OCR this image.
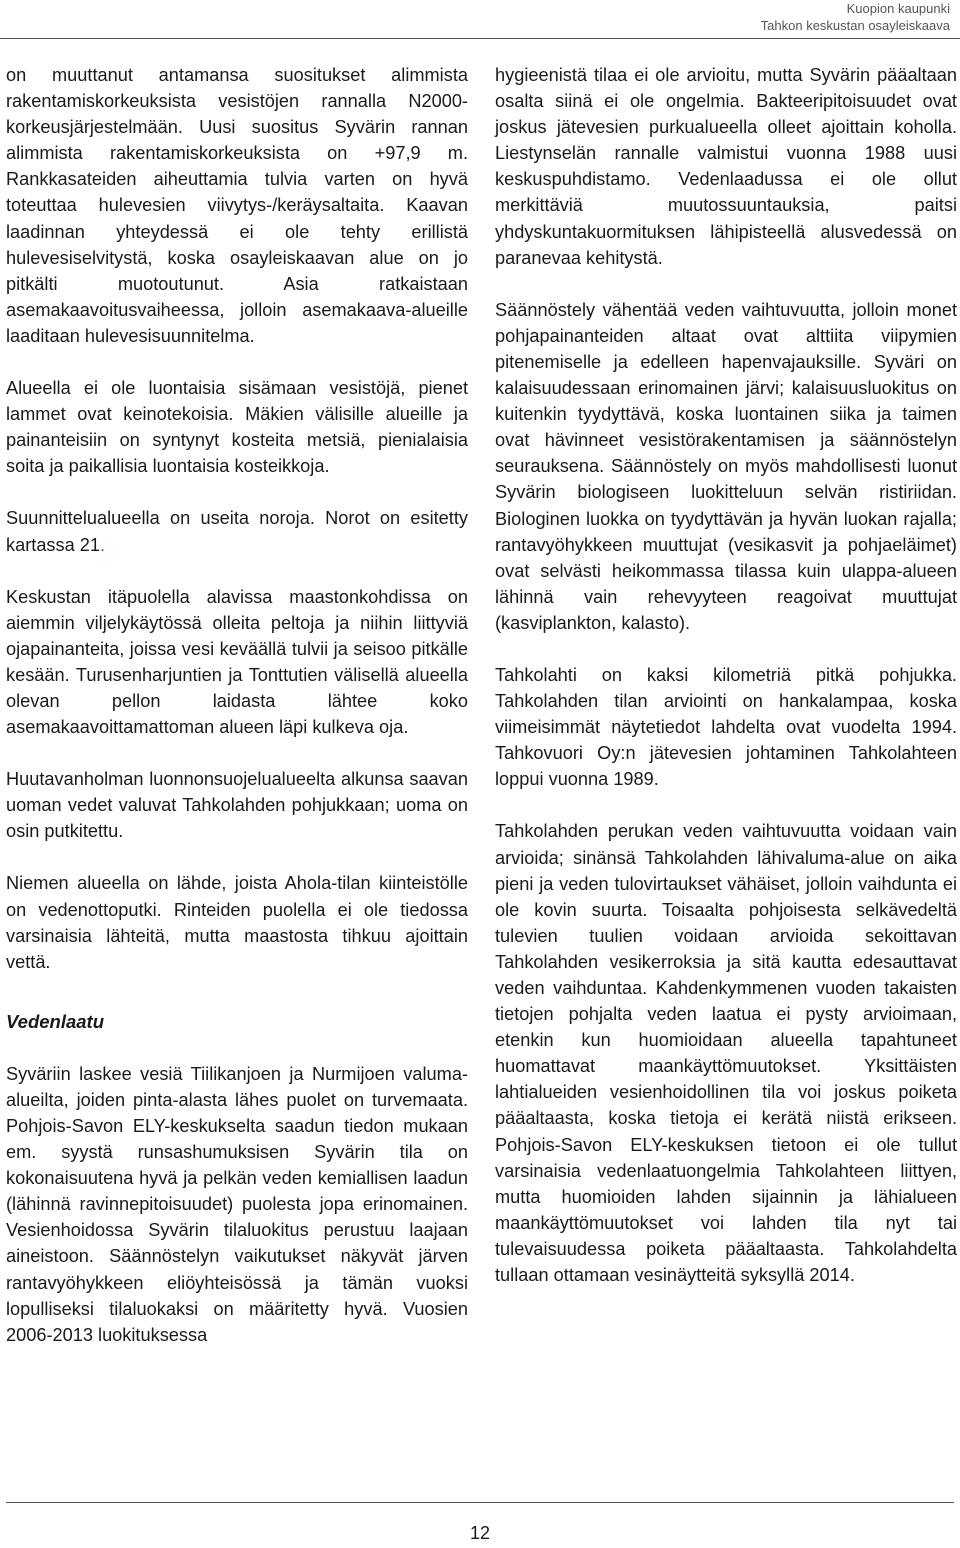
Kuopion kaupunki
Tahkon keskustan osayleiskaava

on muuttanut antamansa suositukset alimmista rakentamiskorkeuksista vesistöjen rannalla N2000-korkeusjärjestelmään. Uusi suositus Syvärin rannan alimmista rakentamiskorkeuksista on +97,9 m. Rankkasateiden aiheuttamia tulvia varten on hyvä toteuttaa hulevesien viivytys-/keräysaltaita. Kaavan laadinnan yhteydessä ei ole tehty erillistä hulevesiselvitystä, koska osayleiskaavan alue on jo pitkälti muotoutunut. Asia ratkaistaan asemakaavoitusvaiheessa, jolloin asemakaava-alueille laaditaan hulevesisuunnitelma.

Alueella ei ole luontaisia sisämaan vesistöjä, pienet lammet ovat keinotekoisia. Mäkien välisille alueille ja painanteisiin on syntynyt kosteita metsiä, pienialaisia soita ja paikallisia luontaisia kosteikkoja.

Suunnittelualueella on useita noroja. Norot on esitetty kartassa 21.

Keskustan itäpuolella alavissa maastonkohdissa on aiemmin viljelykäytössä olleita peltoja ja niihin liittyviä ojapainanteita, joissa vesi keväällä tulvii ja seisoo pitkälle kesään. Turusenharjuntien ja Tonttutien välisellä alueella olevan pellon laidasta lähtee koko asemakaavoittamattoman alueen läpi kulkeva oja.

Huutavanholman luonnonsuojelualueelta alkunsa saavan uoman vedet valuvat Tahkolahden pohjukkaan; uoma on osin putkitettu.

Niemen alueella on lähde, joista Ahola-tilan kiinteistölle on vedenottoputki. Rinteiden puolella ei ole tiedossa varsinaisia lähteitä, mutta maastosta tihkuu ajoittain vettä.

Vedenlaatu

Syväriin laskee vesiä Tiilikanjoen ja Nurmijoen valuma-alueilta, joiden pinta-alasta lähes puolet on turvemaata. Pohjois-Savon ELY-keskukselta saadun tiedon mukaan em. syystä runsashumuksisen Syvärin tila on kokonaisuutena hyvä ja pelkän veden kemiallisen laadun (lähinnä ravinnepitoisuudet) puolesta jopa erinomainen. Vesienhoidossa Syvärin tilaluokitus perustuu laajaan aineistoon. Säännöstelyn vaikutukset näkyvät järven rantavyöhykkeen eliöyhteisössä ja tämän vuoksi lopulliseksi tilaluokaksi on määritetty hyvä. Vuosien 2006-2013 luokituksessa

hygieenistä tilaa ei ole arvioitu, mutta Syvärin pääaltaan osalta siinä ei ole ongelmia. Bakteeripitoisuudet ovat joskus jätevesien purkualueella olleet ajoittain koholla. Liestynselän rannalle valmistui vuonna 1988 uusi keskuspuhdistamo. Vedenlaadussa ei ole ollut merkittäviä muutossuuntauksia, paitsi yhdyskuntakuormituksen lähipisteellä alusvedessä on paranevaa kehitystä.

Säännöstely vähentää veden vaihtuvuutta, jolloin monet pohjapainanteiden altaat ovat alttiita viipymien pitenemiselle ja edelleen hapenvajauksille. Syväri on kalaisuudessaan erinomainen järvi; kalaisuusluokitus on kuitenkin tyydyttävä, koska luontainen siika ja taimen ovat hävinneet vesistörakentamisen ja säännöstelyn seurauksena. Säännöstely on myös mahdollisesti luonut Syvärin biologiseen luokitteluun selvän ristiriidan. Biologinen luokka on tyydyttävän ja hyvän luokan rajalla; rantavyöhykkeen muuttujat (vesikasvit ja pohjaeläimet) ovat selvästi heikommassa tilassa kuin ulappa-alueen lähinnä vain rehevyyteen reagoivat muuttujat (kasviplankton, kalasto).

Tahkolahti on kaksi kilometriä pitkä pohjukka. Tahkolahden tilan arviointi on hankalampaa, koska viimeisimmät näytetiedot lahdelta ovat vuodelta 1994. Tahkovuori Oy:n jätevesien johtaminen Tahkolahteen loppui vuonna 1989.

Tahkolahden perukan veden vaihtuvuutta voidaan vain arvioida; sinänsä Tahkolahden lähivaluma-alue on aika pieni ja veden tulovirtaukset vähäiset, jolloin vaihdunta ei ole kovin suurta. Toisaalta pohjoisesta selkävedeltä tulevien tuulien voidaan arvioida sekoittavan Tahkolahden vesikerroksia ja sitä kautta edesauttavat veden vaihduntaa. Kahdenkymmenen vuoden takaisten tietojen pohjalta veden laatua ei pysty arvioimaan, etenkin kun huomioidaan alueella tapahtuneet huomattavat maankäyttömuutokset. Yksittäisten lahtialueiden vesienhoidollinen tila voi joskus poiketa pääaltaasta, koska tietoja ei kerätä niistä erikseen. Pohjois-Savon ELY-keskuksen tietoon ei ole tullut varsinaisia vedenlaatuongelmia Tahkolahteen liittyen, mutta huomioiden lahden sijainnin ja lähialueen maankäyttömuutokset voi lahden tila nyt tai tulevaisuudessa poiketa pääaltaasta. Tahkolahdelta tullaan ottamaan vesinäytteitä syksyllä 2014.

12
